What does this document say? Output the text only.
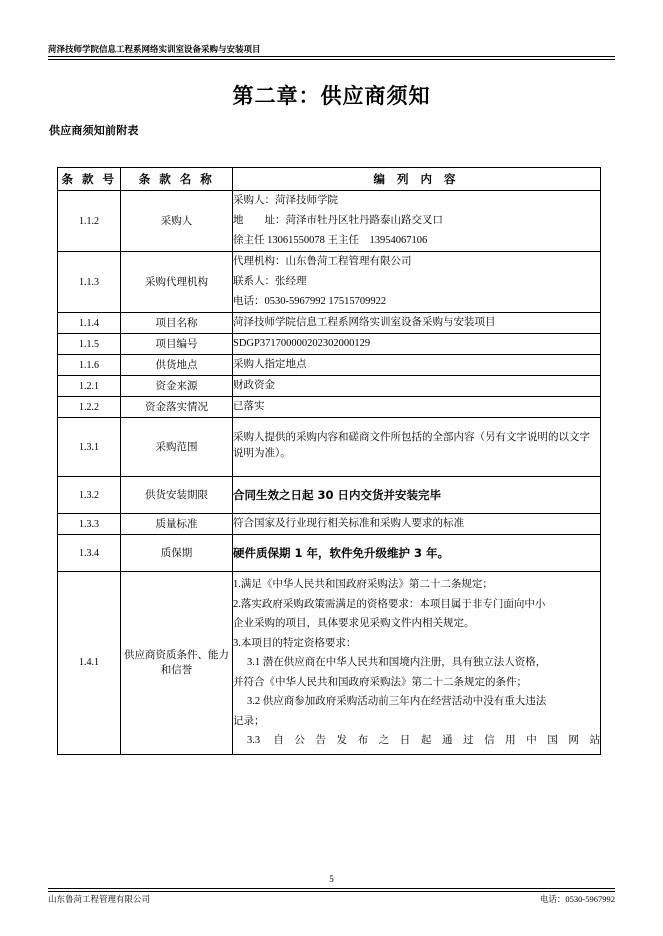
菏泽技师学院信息工程系网络实训室设备采购与安装项目
第二章：供应商须知
供应商须知前附表
条 款 号	条 款 名 称	编 列 内 容
1.1.2	采购人	采购人：菏泽技师学院
地　　址：菏泽市牡丹区牡丹路泰山路交叉口
徐主任 13061550078 王主任　13954067106

1.1.3	采购代理机构	代理机构：山东鲁菏工程管理有限公司
联系人：张经理
电话：0530-5967992 17515709922

1.1.4	项目名称	菏泽技师学院信息工程系网络实训室设备采购与安装项目

1.1.5	项目编号	SDGP371700000202302000129

1.1.6	供货地点	采购人指定地点

1.2.1	资金来源	财政资金

1.2.2	资金落实情况	已落实

1.3.1	采购范围	采购人提供的采购内容和磋商文件所包括的全部内容（另有文字说明的以文字说明为准）。

1.3.2	供货安装期限	合同生效之日起 30 日内交货并安装完毕

1.3.3	质量标准	符合国家及行业现行相关标准和采购人要求的标准

1.3.4	质保期	硬件质保期 1 年，软件免升级维护 3 年。

1.4.1	供应商资质条件、能力和信誉	
1.满足《中华人民共和国政府采购法》第二十二条规定；
2.落实政府采购政策需满足的资格要求：本项目属于非专门面向中小
企业采购的项目，具体要求见采购文件内相关规定。
3.本项目的特定资格要求：
3.1 潜在供应商在中华人民共和国境内注册，具有独立法人资格，
并符合《中华人民共和国政府采购法》第二十二条规定的条件；
3.2 供应商参加政府采购活动前三年内在经营活动中没有重大违法
记录；
3.3 自公告发布之日起通过信用中国网站
5
山东鲁菏工程管理有限公司	电话：0530-5967992
